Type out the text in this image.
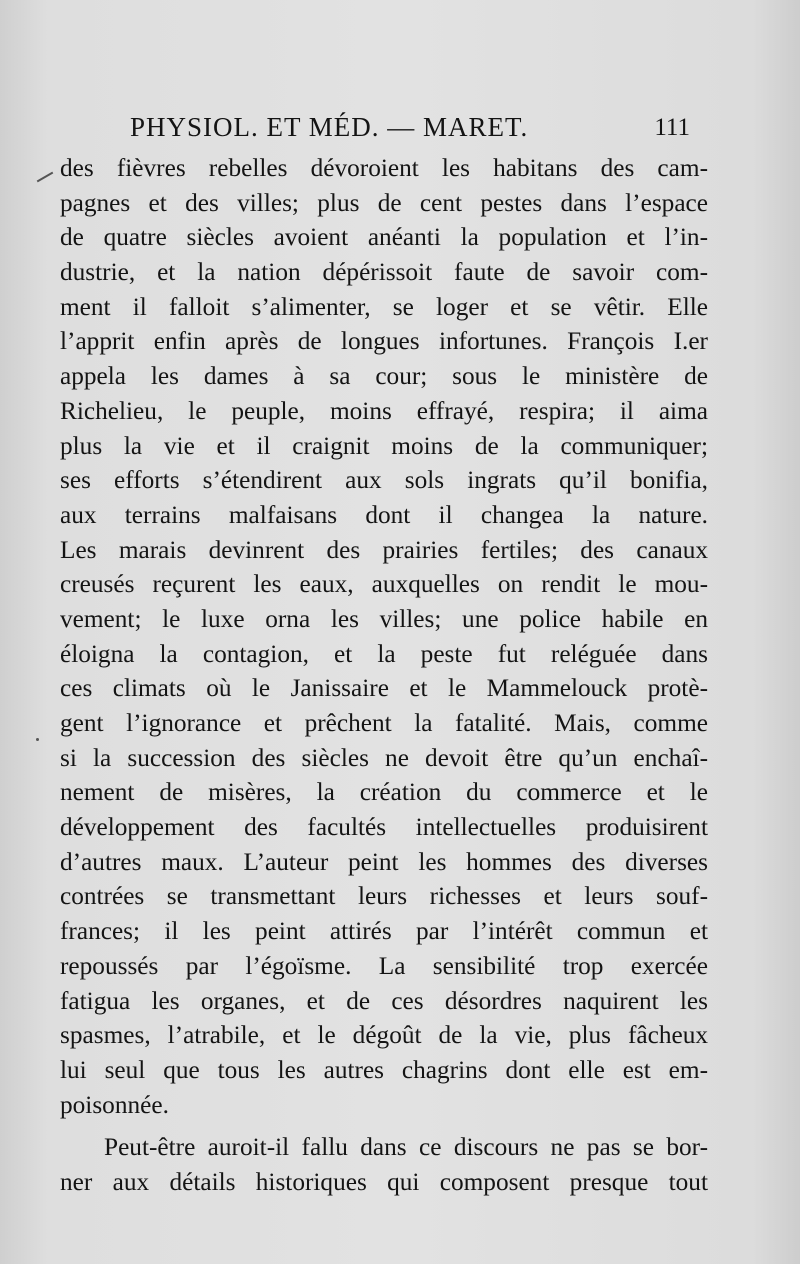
PHYSIOL. ET MÉD. — MARET.	111
des fièvres rebelles dévoroient les habitans des cam-
pagnes et des villes; plus de cent pestes dans l’espace
de quatre siècles avoient anéanti la population et l’in-
dustrie, et la nation dépérissoit faute de savoir com-
ment il falloit s’alimenter, se loger et se vêtir. Elle
l’apprit enfin après de longues infortunes. François I.er
appela les dames à sa cour; sous le ministère de
Richelieu, le peuple, moins effrayé, respira; il aima
plus la vie et il craignit moins de la communiquer;
ses efforts s’étendirent aux sols ingrats qu’il bonifia,
aux terrains malfaisans dont il changea la nature.
Les marais devinrent des prairies fertiles; des canaux
creusés reçurent les eaux, auxquelles on rendit le mou-
vement; le luxe orna les villes; une police habile en
éloigna la contagion, et la peste fut reléguée dans
ces climats où le Janissaire et le Mammelouck protè-
gent l’ignorance et prêchent la fatalité. Mais, comme
si la succession des siècles ne devoit être qu’un enchaî-
nement de misères, la création du commerce et le
développement des facultés intellectuelles produisirent
d’autres maux. L’auteur peint les hommes des diverses
contrées se transmettant leurs richesses et leurs souf-
frances; il les peint attirés par l’intérêt commun et
repoussés par l’égoïsme. La sensibilité trop exercée
fatigua les organes, et de ces désordres naquirent les
spasmes, l’atrabile, et le dégoût de la vie, plus fâcheux
lui seul que tous les autres chagrins dont elle est em-
poisonnée.
Peut-être auroit-il fallu dans ce discours ne pas se bor-
ner aux détails historiques qui composent presque tout
